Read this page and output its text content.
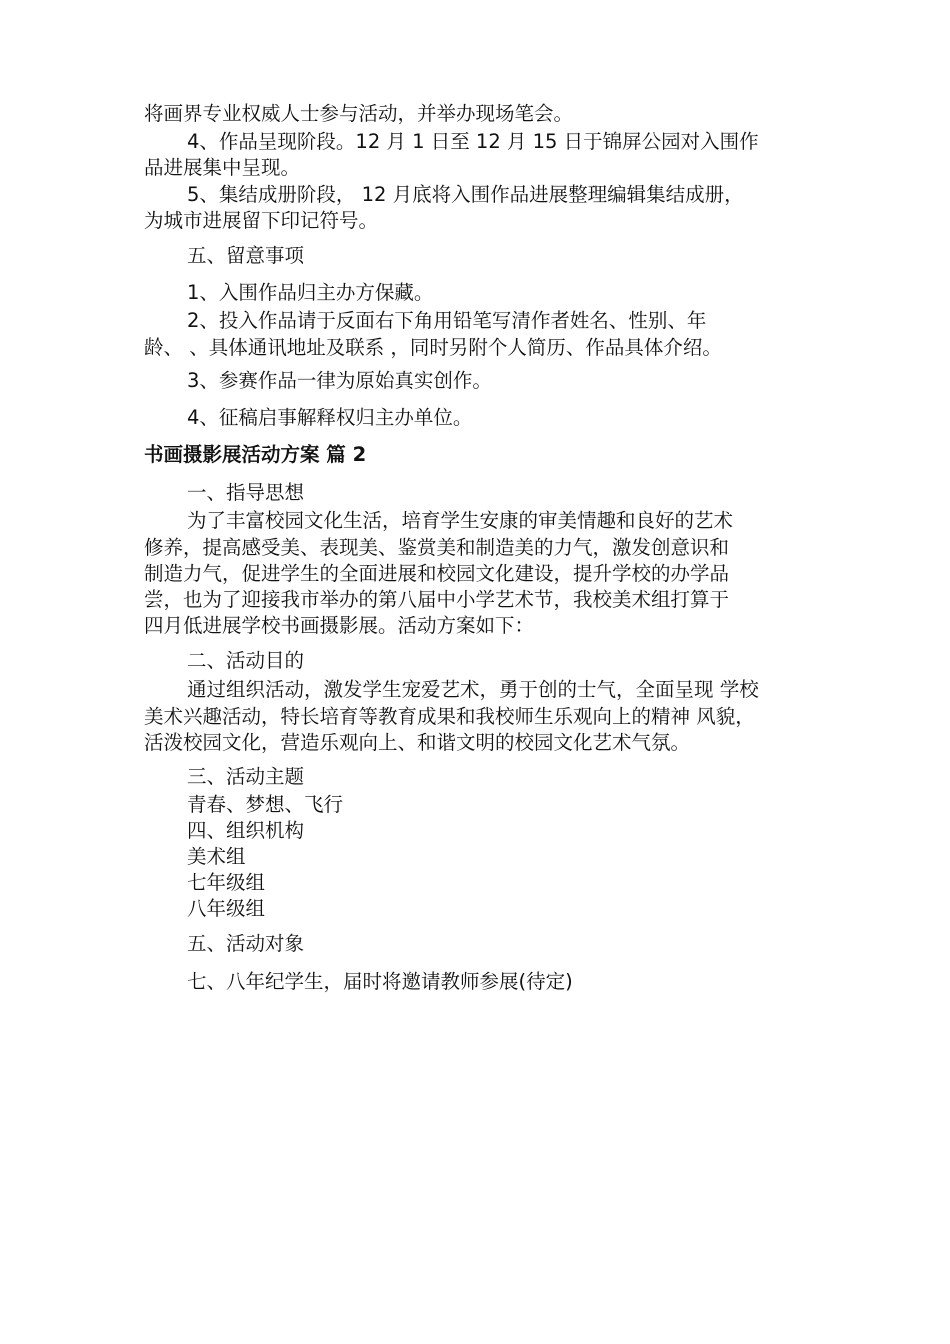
将画界专业权威人士参与活动，并举办现场笔会。
4、作品呈现阶段。12 月 1 日至 12 月 15 日于锦屏公园对入围作
品进展集中呈现。
5、集结成册阶段， 12 月底将入围作品进展整理编辑集结成册，
为城市进展留下印记符号。
五、留意事项
1、入围作品归主办方保藏。
2、投入作品请于反面右下角用铅笔写清作者姓名、性别、年
龄、 、具体通讯地址及联系 ，同时另附个人简历、作品具体介绍。
3、参赛作品一律为原始真实创作。
4、征稿启事解释权归主办单位。
书画摄影展活动方案 篇 2
一、指导思想
为了丰富校园文化生活，培育学生安康的审美情趣和良好的艺术
修养，提高感受美、表现美、鉴赏美和制造美的力气，激发创意识和
制造力气，促进学生的全面进展和校园文化建设，提升学校的办学品
尝，也为了迎接我市举办的第八届中小学艺术节，我校美术组打算于
四月低进展学校书画摄影展。活动方案如下：
二、活动目的
通过组织活动，激发学生宠爱艺术，勇于创的士气，全面呈现 学校
美术兴趣活动，特长培育等教育成果和我校师生乐观向上的精神 风貌，
活泼校园文化，营造乐观向上、和谐文明的校园文化艺术气氛。
三、活动主题
青春、梦想、飞行
四、组织机构
美术组
七年级组
八年级组
五、活动对象
七、八年纪学生，届时将邀请教师参展(待定)
